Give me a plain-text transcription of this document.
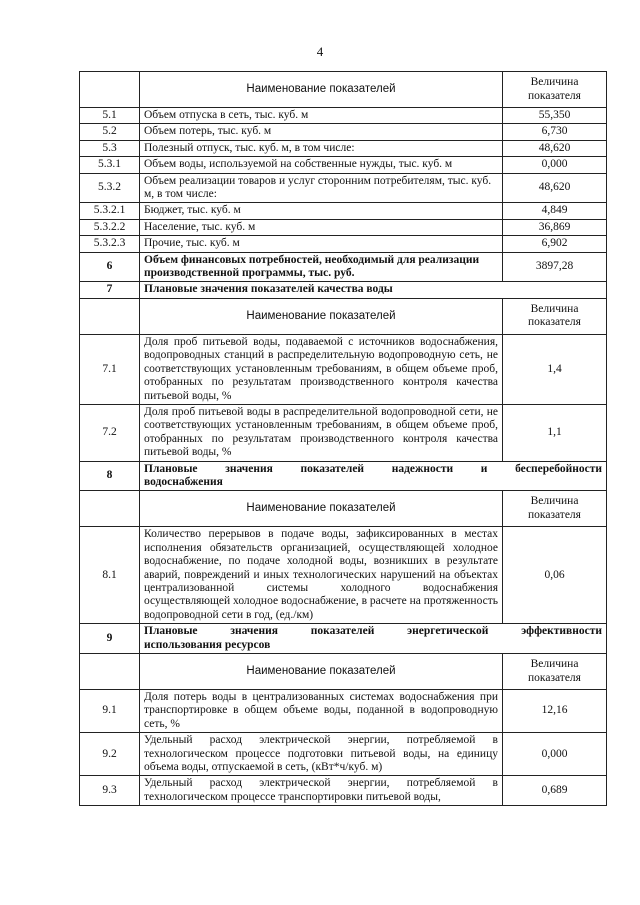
4
	Наименование показателей	Величина показателя
5.1	Объем отпуска в сеть, тыс. куб. м	55,350
5.2	Объем потерь, тыс. куб. м	6,730
5.3	Полезный отпуск, тыс. куб. м, в том числе:	48,620
5.3.1	Объем воды, используемой на собственные нужды, тыс. куб. м	0,000
5.3.2	Объем реализации товаров и услуг сторонним потребителям, тыс. куб. м, в том числе:	48,620
5.3.2.1	Бюджет, тыс. куб. м	4,849
5.3.2.2	Население, тыс. куб. м	36,869
5.3.2.3	Прочие, тыс. куб. м	6,902
6	Объем финансовых потребностей, необходимый для реализации производственной программы, тыс. руб.	3897,28
7	Плановые значения показателей качества воды	
	Наименование показателей	Величина показателя
7.1	Доля проб питьевой воды, подаваемой с источников водоснабжения, водопроводных станций в распределительную водопроводную сеть, не соответствующих установленным требованиям, в общем объеме проб, отобранных по результатам производственного контроля качества питьевой воды, %	1,4
7.2	Доля проб питьевой воды в распределительной водопроводной сети, не соответствующих установленным требованиям, в общем объеме проб, отобранных по результатам производственного контроля качества питьевой воды, %	1,1
8	Плановые значения показателей надежности и бесперебойности
водоснабжения	

	Наименование показателей	Величина показателя
8.1	Количество перерывов в подаче воды, зафиксированных в местах исполнения обязательств организацией, осуществляющей холодное водоснабжение, по подаче холодной воды, возникших в результате аварий, повреждений и иных технологических нарушений на объектах централизованной системы холодного водоснабжения осуществляющей холодное водоснабжение, в расчете на протяженность водопроводной сети в год, (ед./км)	0,06
9	Плановые значения показателей энергетической эффективности
использования ресурсов	

	Наименование показателей	Величина показателя
9.1	Доля потерь воды в централизованных системах водоснабжения при транспортировке в общем объеме воды, поданной в водопроводную сеть, %	12,16
9.2	Удельный расход электрической энергии, потребляемой в технологическом процессе подготовки питьевой воды, на единицу объема воды, отпускаемой в сеть, (кВт*ч/куб. м)	0,000
9.3	Удельный расход электрической энергии, потребляемой в технологическом процессе транспортировки питьевой воды,	0,689
